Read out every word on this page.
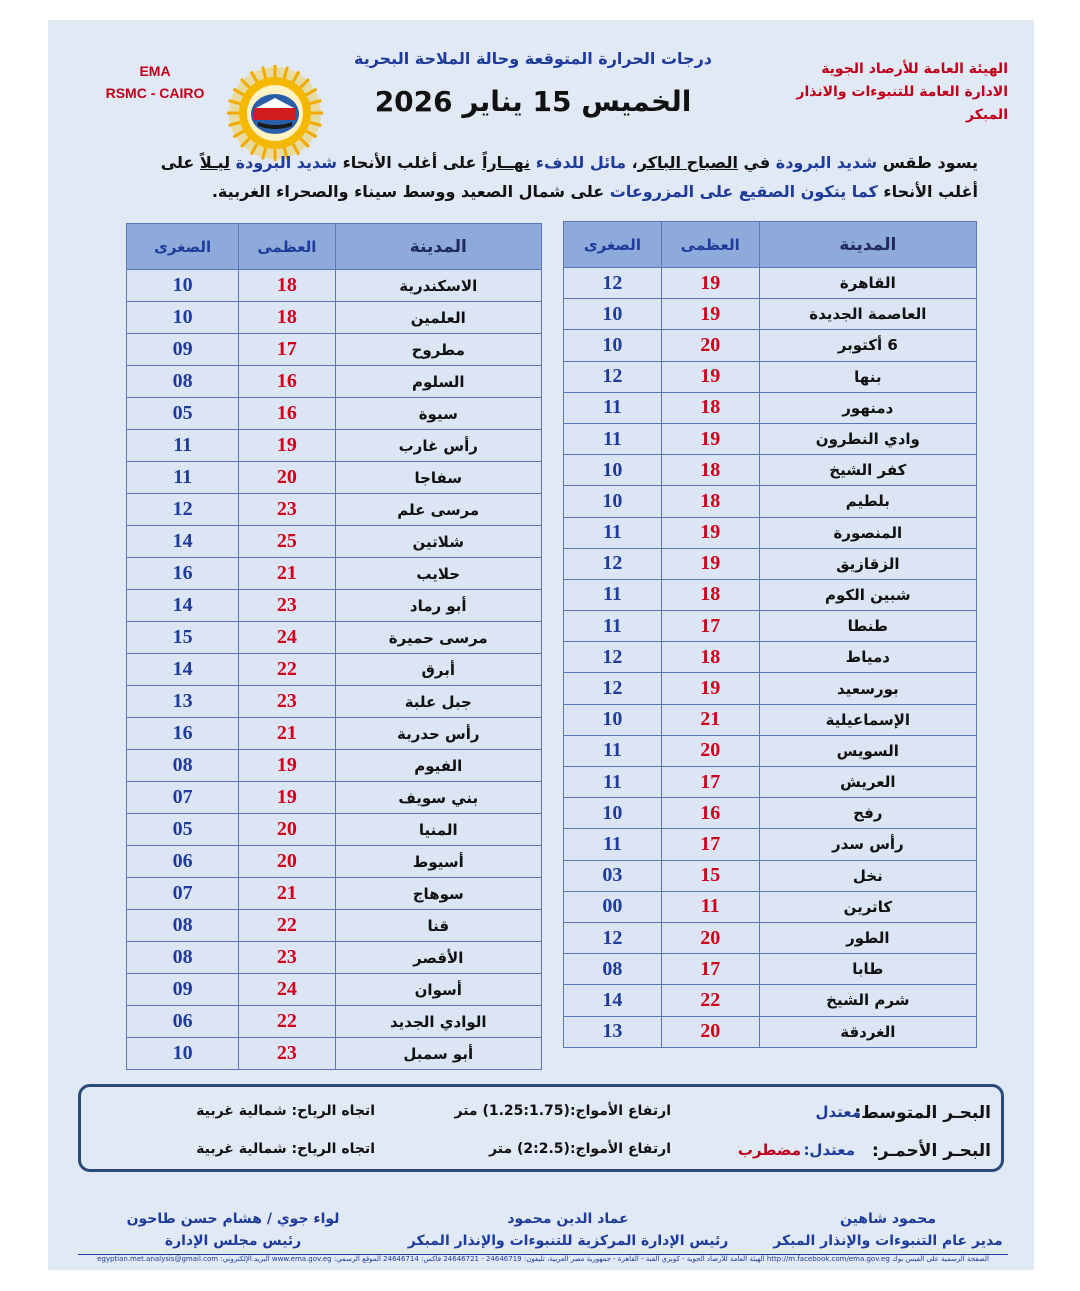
EMA
RSMC - CAIRO
درجات الحرارة المتوقعة وحالة الملاحة البحرية
الخميس 15 يناير 2026
الهيئة العامة للأرصاد الجوية
الادارة العامة للتنبوءات والانذار المبكر
يسود طقس شديد البرودة في الصباح الباكر، مائل للدفء نهــاراً على أغلب الأنحاء شديد البرودة ليـلاً على أغلب الأنحاء كما يتكون الصقيع على المزروعات على شمال الصعيد ووسط سيناء والصحراء الغربية.
المدينة	العظمى	الصغرى
القاهرة	19	12
العاصمة الجديدة	19	10
6 أكتوبر	20	10
بنها	19	12
دمنهور	18	11
وادي النطرون	19	11
كفر الشيخ	18	10
بلطيم	18	10
المنصورة	19	11
الزقازيق	19	12
شبين الكوم	18	11
طنطا	17	11
دمياط	18	12
بورسعيد	19	12
الإسماعيلية	21	10
السويس	20	11
العريش	17	11
رفح	16	10
رأس سدر	17	11
نخل	15	03
كاترين	11	00
الطور	20	12
طابا	17	08
شرم الشيخ	22	14
الغردقة	20	13
المدينة	العظمى	الصغرى
الاسكندرية	18	10
العلمين	18	10
مطروح	17	09
السلوم	16	08
سيوة	16	05
رأس غارب	19	11
سفاجا	20	11
مرسى علم	23	12
شلاتين	25	14
حلايب	21	16
أبو رماد	23	14
مرسى حميرة	24	15
أبرق	22	14
جبل علبة	23	13
رأس حدربة	21	16
الفيوم	19	08
بني سويف	19	07
المنيا	20	05
أسيوط	20	06
سوهاج	21	07
قنا	22	08
الأقصر	23	08
أسوان	24	09
الوادي الجديد	22	06
أبو سمبل	23	10
البحـر المتوسط:
معتدل
ارتفاع الأمواج:(1.25:1.75) متر
اتجاه الرياح: شمالية غربية
البحـر الأحمـر:
معتدل:
مضطرب
ارتفاع الأمواج:(2:2.5) متر
اتجاه الرياح: شمالية غربية
محمود شاهين
مدير عام التنبوءات والإنذار المبكر
عماد الدين محمود
رئيس الإدارة المركزية للتنبوءات والإنذار المبكر
لواء جوي / هشام حسن طاحون
رئيس مجلس الإدارة
الصفحة الرسمية على الفيس بوك http://m.facebook.com/ema.gov.eg الهيئة العامة للأرصاد الجوية - كوبري القبة - القاهرة - جمهورية مصر العربية، تليفون: 24646719 - 24646721 فاكس: 24646714 الموقع الرسمي: www.ema.gov.eg البريد الإلكتروني: egyptian.met.analysis@gmail.com
